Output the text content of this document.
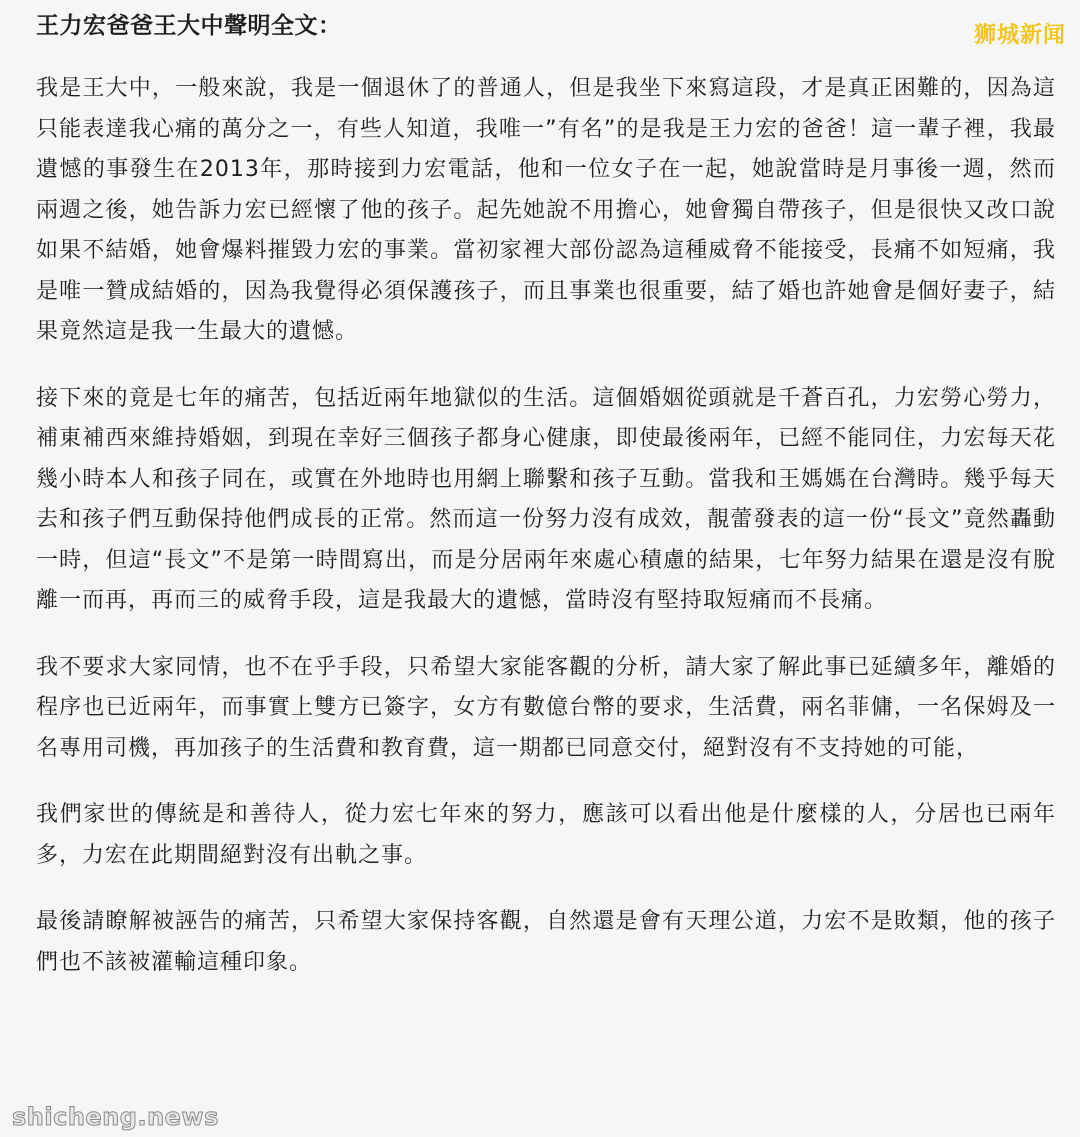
王力宏爸爸王大中聲明全文：

我是王大中，一般來說，我是一個退休了的普通人，但是我坐下來寫這段，才是真正困難的，因為這只能表達我心痛的萬分之一，有些人知道，我唯一”有名”的是我是王力宏的爸爸！這一輩子裡，我最遺憾的事發生在2013年，那時接到力宏電話，他和一位女子在一起，她說當時是月事後一週，然而兩週之後，她告訴力宏已經懷了他的孩子。起先她說不用擔心，她會獨自帶孩子，但是很快又改口說如果不結婚，她會爆料摧毀力宏的事業。當初家裡大部份認為這種威脅不能接受，長痛不如短痛，我是唯一贊成結婚的，因為我覺得必須保護孩子，而且事業也很重要，結了婚也許她會是個好妻子，結果竟然這是我一生最大的遺憾。

接下來的竟是七年的痛苦，包括近兩年地獄似的生活。這個婚姻從頭就是千蒼百孔，力宏勞心勞力，補東補西來維持婚姻，到現在幸好三個孩子都身心健康，即使最後兩年，已經不能同住，力宏每天花幾小時本人和孩子同在，或實在外地時也用網上聯繫和孩子互動。當我和王媽媽在台灣時。幾乎每天去和孩子們互動保持他們成長的正常。然而這一份努力沒有成效，靚蕾發表的這一份“長文”竟然轟動一時，但這“長文”不是第一時間寫出，而是分居兩年來處心積慮的結果，七年努力結果在還是沒有脫離一而再，再而三的威脅手段，這是我最大的遺憾，當時沒有堅持取短痛而不長痛。

我不要求大家同情，也不在乎手段，只希望大家能客觀的分析，請大家了解此事已延續多年，離婚的程序也已近兩年，而事實上雙方已簽字，女方有數億台幣的要求，生活費，兩名菲傭，一名保姆及一名專用司機，再加孩子的生活費和教育費，這一期都已同意交付，絕對沒有不支持她的可能，

我們家世的傳統是和善待人，從力宏七年來的努力，應該可以看出他是什麼樣的人，分居也已兩年多，力宏在此期間絕對沒有出軌之事。

最後請瞭解被誣告的痛苦，只希望大家保持客觀，自然還是會有天理公道，力宏不是敗類，他的孩子們也不該被灌輸這種印象。

狮城新闻
shicheng.news
